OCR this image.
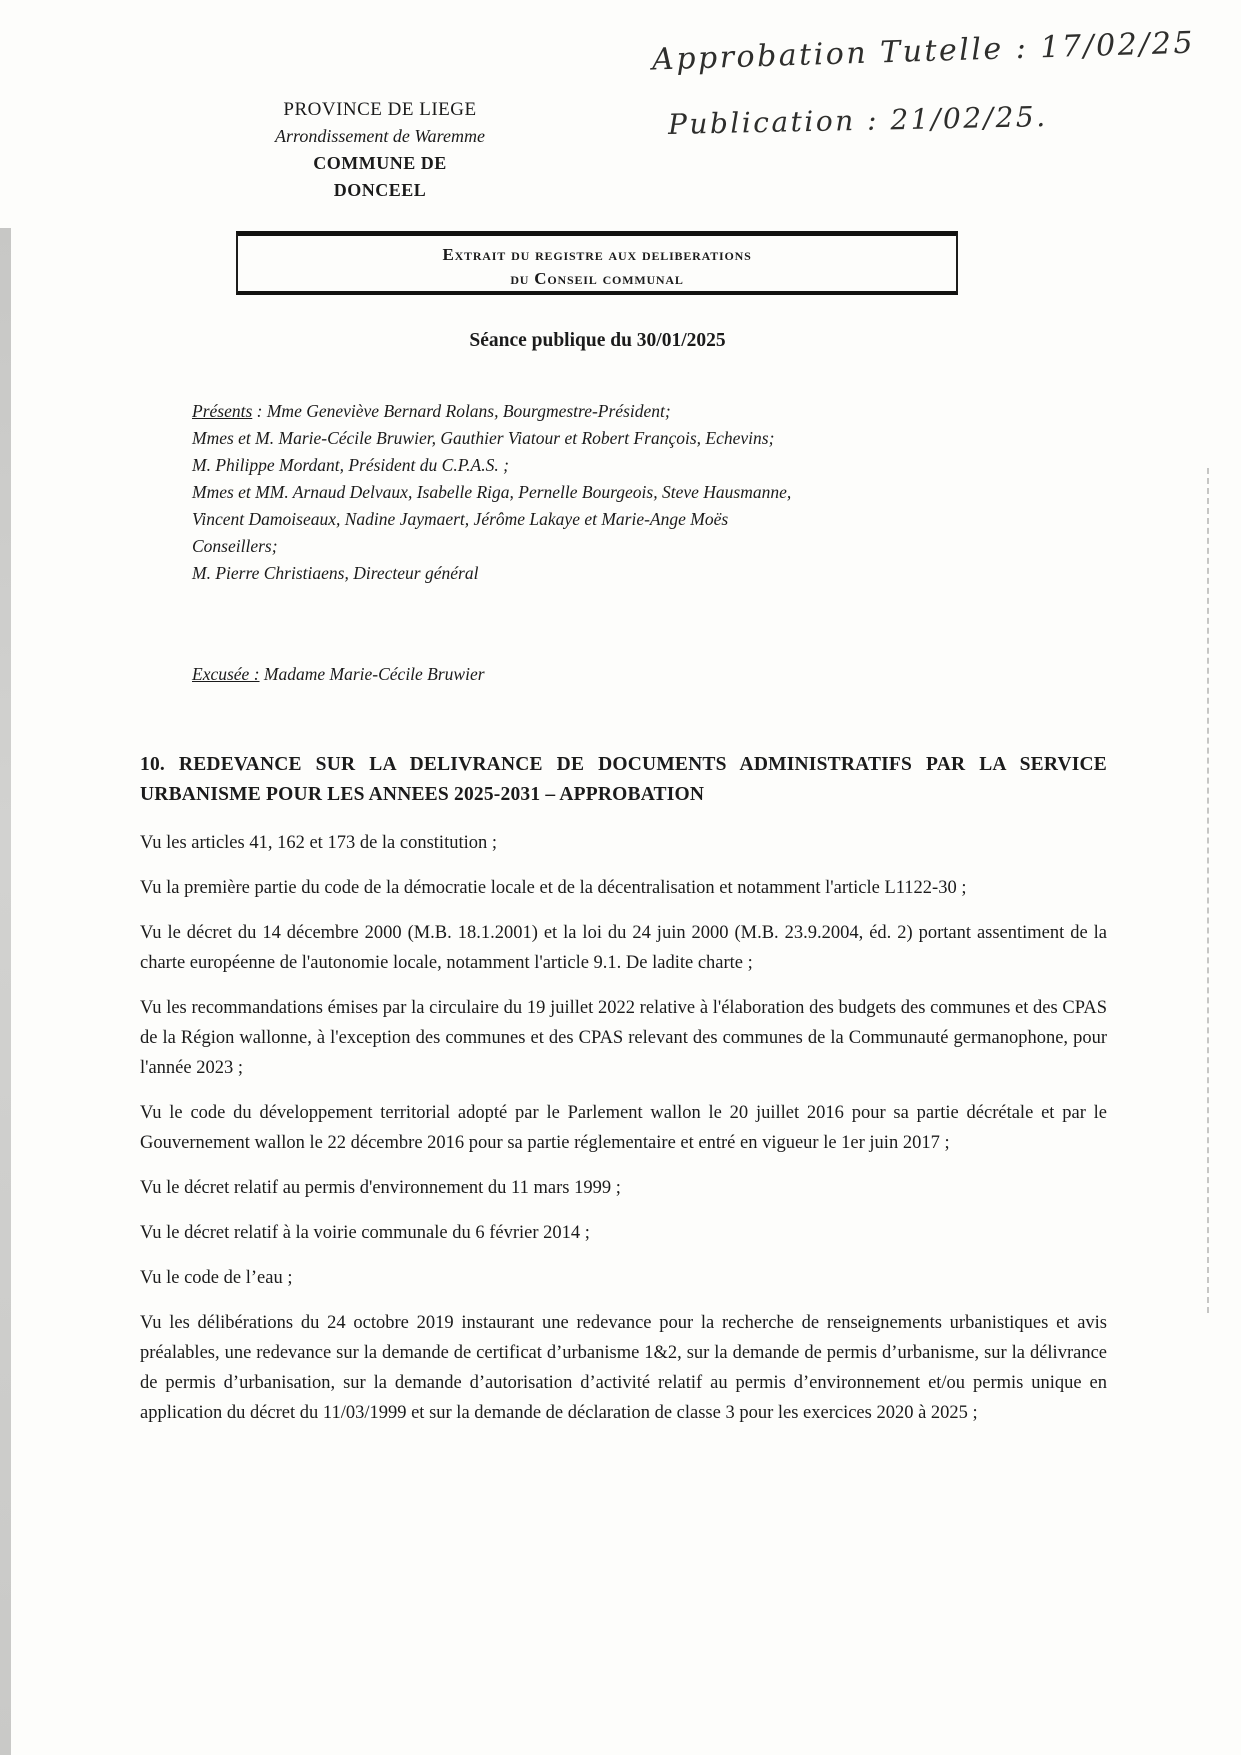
Approbation Tutelle : 17/02/25
Publication : 21/02/25.
PROVINCE DE LIEGE
Arrondissement de Waremme
COMMUNE DE
DONCEEL
Extrait du registre aux deliberations
du Conseil communal
Séance publique du 30/01/2025

Présents : Mme Geneviève Bernard Rolans, Bourgmestre-Président;

Mmes et M. Marie-Cécile Bruwier, Gauthier Viatour et Robert François, Echevins;

M. Philippe Mordant, Président du C.P.A.S. ;

Mmes et MM. Arnaud Delvaux, Isabelle Riga, Pernelle Bourgeois, Steve Hausmanne,

Vincent Damoiseaux, Nadine Jaymaert, Jérôme Lakaye et Marie-Ange Moës

Conseillers;

M. Pierre Christiaens, Directeur général

Excusée : Madame Marie-Cécile Bruwier
10. REDEVANCE SUR LA DELIVRANCE DE DOCUMENTS ADMINISTRATIFS PAR LA SERVICE URBANISME POUR LES ANNEES 2025-2031 – APPROBATION

Vu les articles 41, 162 et 173 de la constitution ;

Vu la première partie du code de la démocratie locale et de la décentralisation et notamment l'article L1122-30 ;

Vu le décret du 14 décembre 2000 (M.B. 18.1.2001) et la loi du 24 juin 2000 (M.B. 23.9.2004, éd. 2) portant assentiment de la charte européenne de l'autonomie locale, notamment l'article 9.1. De ladite charte ;

Vu les recommandations émises par la circulaire du 19 juillet 2022 relative à l'élaboration des budgets des communes et des CPAS de la Région wallonne, à l'exception des communes et des CPAS relevant des communes de la Communauté germanophone, pour l'année 2023 ;

Vu le code du développement territorial adopté par le Parlement wallon le 20 juillet 2016 pour sa partie décrétale et par le Gouvernement wallon le 22 décembre 2016 pour sa partie réglementaire et entré en vigueur le 1er juin 2017 ;

Vu le décret relatif au permis d'environnement du 11 mars 1999 ;

Vu le décret relatif à la voirie communale du 6 février 2014 ;

Vu le code de l’eau ;

Vu les délibérations du 24 octobre 2019 instaurant une redevance pour la recherche de renseignements urbanistiques et avis préalables, une redevance sur la demande de certificat d’urbanisme 1&2, sur la demande de permis d’urbanisme, sur la délivrance de permis d’urbanisation, sur la demande d’autorisation d’activité relatif au permis d’environnement et/ou permis unique en application du décret du 11/03/1999 et sur la demande de déclaration de classe 3 pour les exercices 2020 à 2025 ;
